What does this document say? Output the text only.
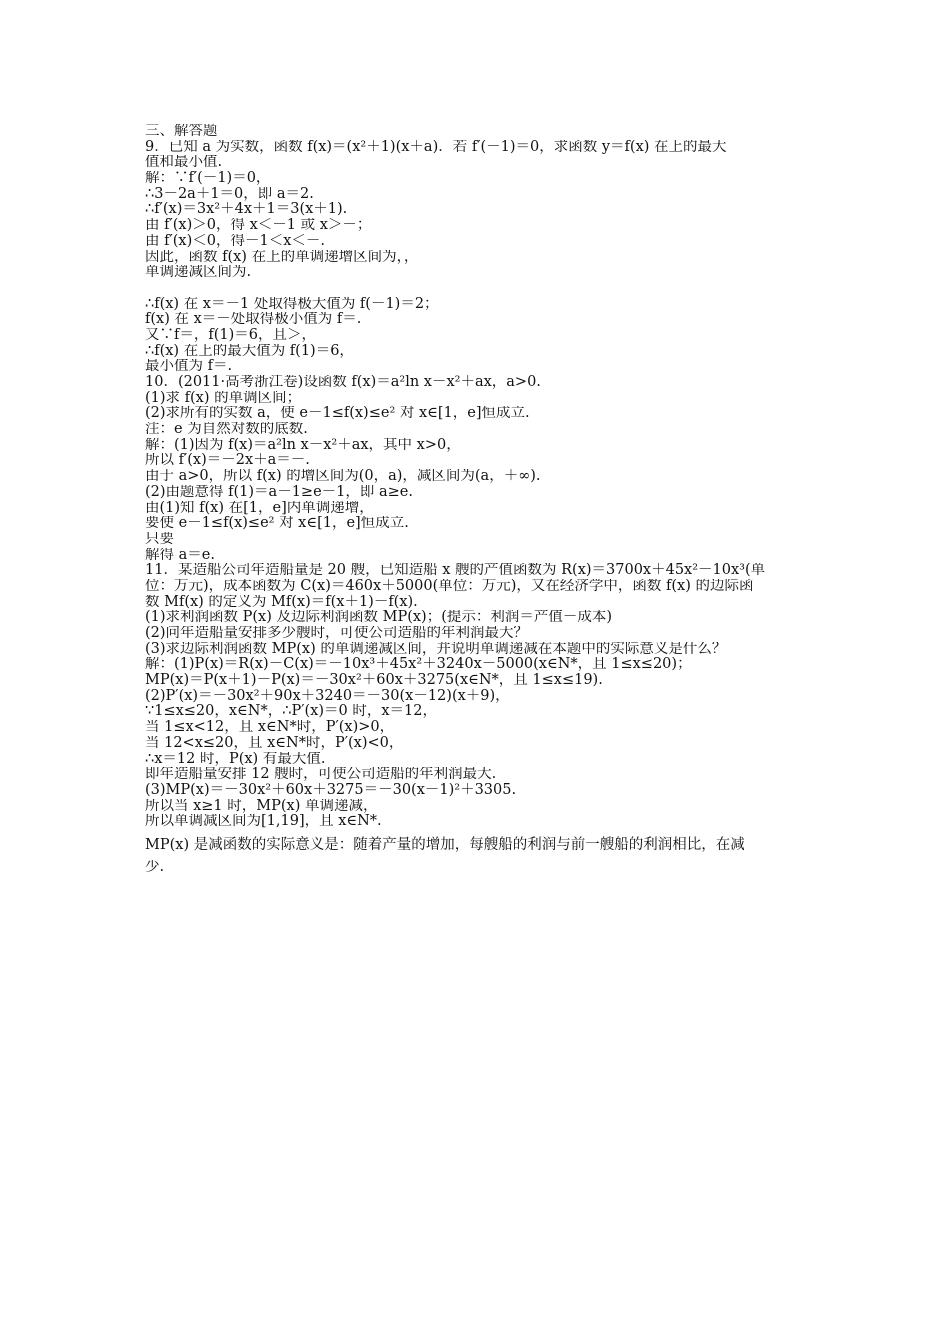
三、解答题
9．已知 a 为实数，函数 f(x)＝(x²＋1)(x＋a)．若 f′(－1)＝0，求函数 y＝f(x) 在上的最大
值和最小值.
解：∵f′(－1)＝0，
∴3－2a＋1＝0，即 a＝2.
∴f′(x)＝3x²＋4x＋1＝3(x＋1).
由 f′(x)＞0，得 x＜－1 或 x＞－；
由 f′(x)＜0，得－1＜x＜－.
因此，函数 f(x) 在上的单调递增区间为，，
单调递减区间为.
∴f(x) 在 x＝－1 处取得极大值为 f(－1)＝2；
f(x) 在 x＝－处取得极小值为 f＝.
又∵f＝，f(1)＝6，且＞，
∴f(x) 在上的最大值为 f(1)＝6，
最小值为 f＝.
10．(2011·高考浙江卷)设函数 f(x)＝a²ln x－x²＋ax，a>0.
(1)求 f(x) 的单调区间；
(2)求所有的实数 a，使 e－1≤f(x)≤e² 对 x∈[1，e]恒成立.
注：e 为自然对数的底数.
解：(1)因为 f(x)＝a²ln x－x²＋ax，其中 x>0，
所以 f′(x)＝－2x＋a＝－.
由于 a>0，所以 f(x) 的增区间为(0，a)，减区间为(a，＋∞).
(2)由题意得 f(1)＝a－1≥e－1，即 a≥e.
由(1)知 f(x) 在[1，e]内单调递增，
要使 e－1≤f(x)≤e² 对 x∈[1，e]恒成立.
只要
解得 a＝e.
11．某造船公司年造船量是 20 艘，已知造船 x 艘的产值函数为 R(x)＝3700x＋45x²－10x³(单
位：万元)，成本函数为 C(x)＝460x＋5000(单位：万元)，又在经济学中，函数 f(x) 的边际函
数 Mf(x) 的定义为 Mf(x)＝f(x＋1)－f(x).
(1)求利润函数 P(x) 及边际利润函数 MP(x)；(提示：利润＝产值－成本)
(2)问年造船量安排多少艘时，可使公司造船的年利润最大？
(3)求边际利润函数 MP(x) 的单调递减区间，并说明单调递减在本题中的实际意义是什么？
解：(1)P(x)＝R(x)－C(x)＝－10x³＋45x²＋3240x－5000(x∈N*，且 1≤x≤20)；
MP(x)＝P(x＋1)－P(x)＝－30x²＋60x＋3275(x∈N*，且 1≤x≤19).
(2)P′(x)＝－30x²＋90x＋3240＝－30(x－12)(x＋9)，
∵1≤x≤20，x∈N*，∴P′(x)＝0 时，x＝12，
当 1≤x<12，且 x∈N*时，P′(x)>0，
当 12<x≤20，且 x∈N*时，P′(x)<0，
∴x＝12 时，P(x) 有最大值.
即年造船量安排 12 艘时，可使公司造船的年利润最大.
(3)MP(x)＝－30x²＋60x＋3275＝－30(x－1)²＋3305.
所以当 x≥1 时，MP(x) 单调递减，
所以单调减区间为[1,19]，且 x∈N*.
MP(x) 是减函数的实际意义是：随着产量的增加，每艘船的利润与前一艘船的利润相比，在减
少.
